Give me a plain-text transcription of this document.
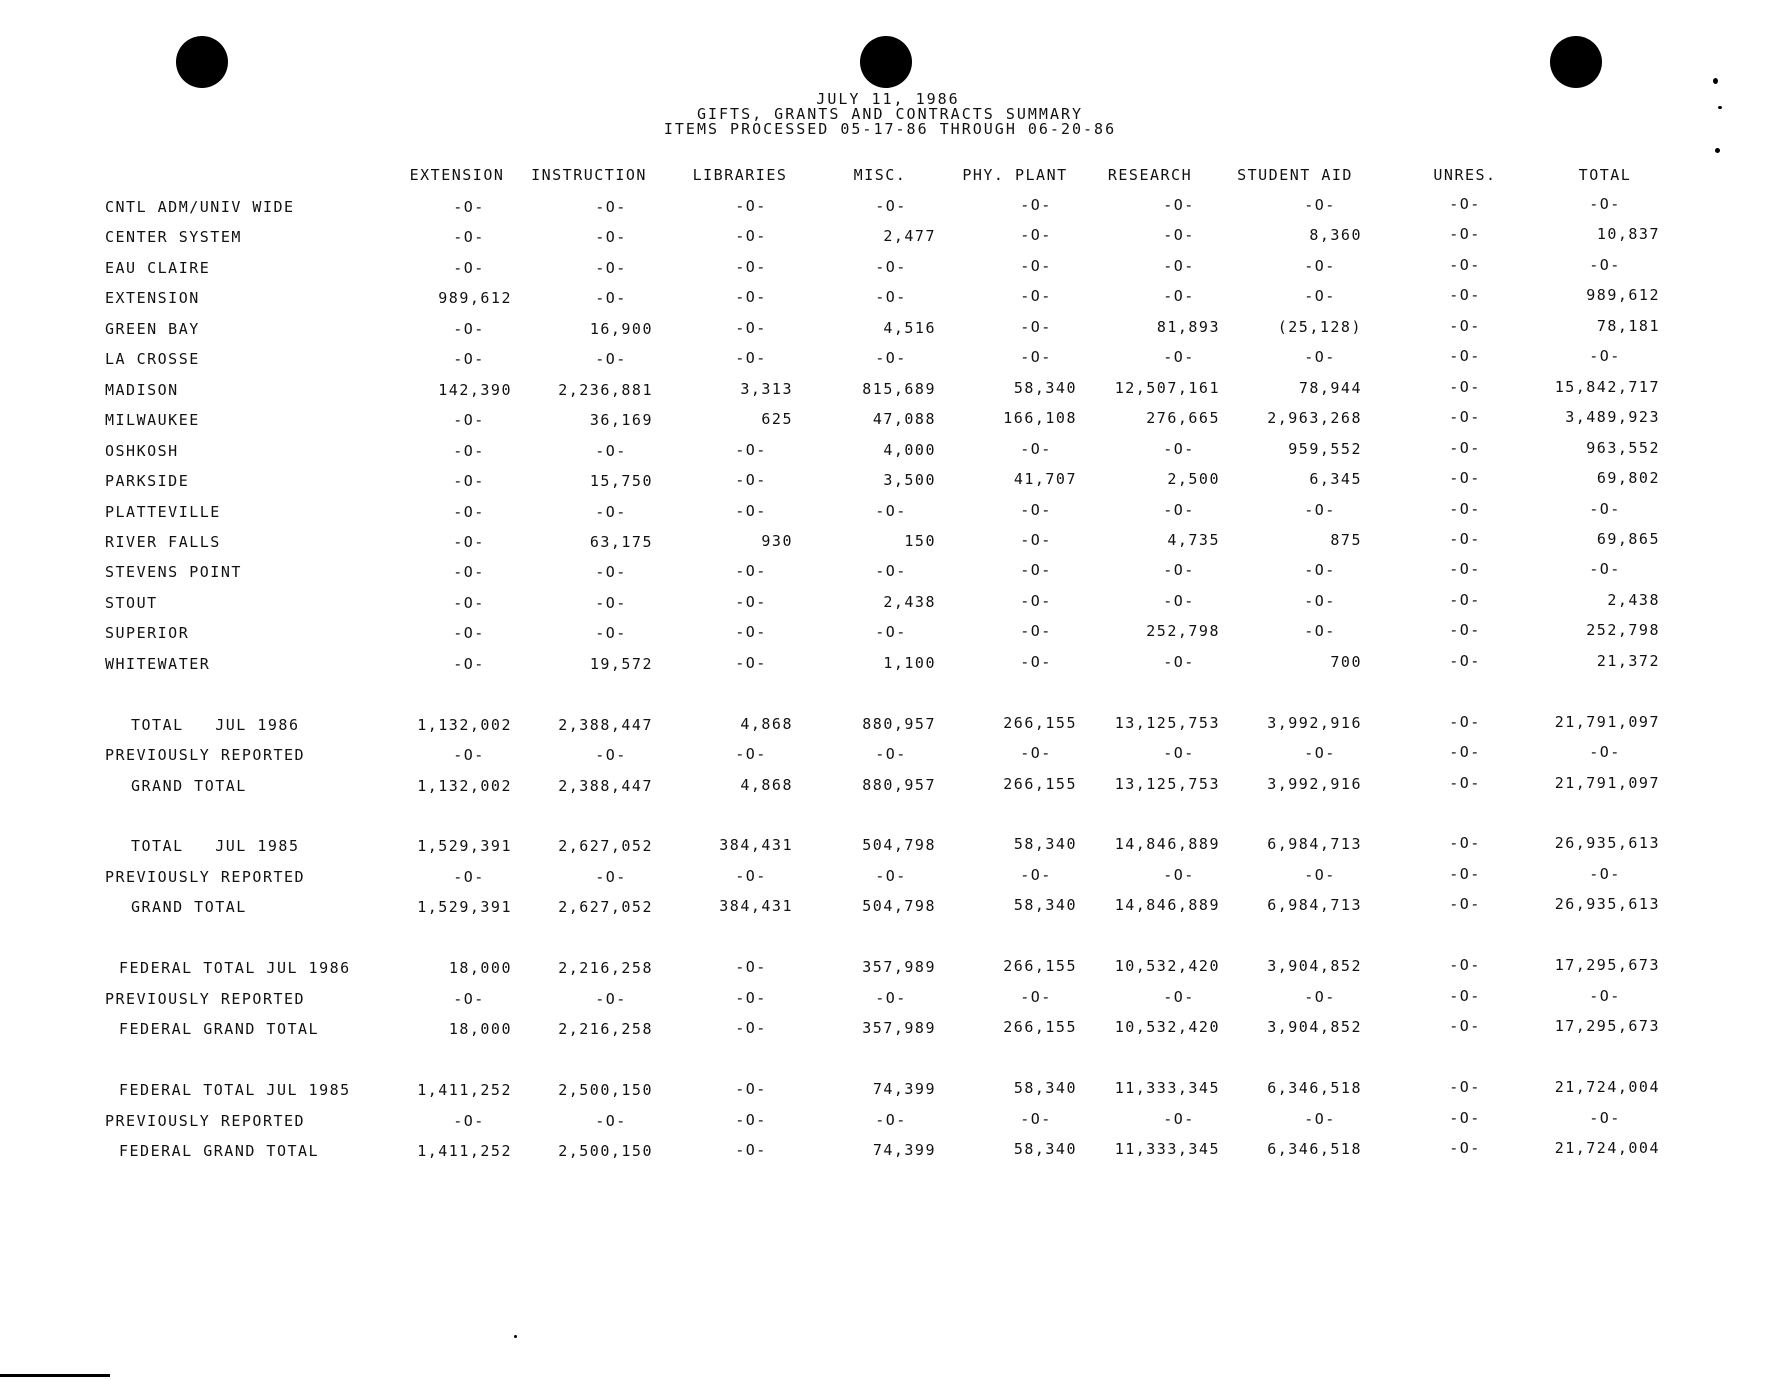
JULY 11, 1986
GIFTS, GRANTS AND CONTRACTS SUMMARY
ITEMS PROCESSED 05-17-86 THROUGH 06-20-86
EXTENSION	INSTRUCTION	LIBRARIES	MISC.	PHY. PLANT	RESEARCH	STUDENT AID	UNRES.	TOTAL
CNTL ADM/UNIV WIDE	-O-	-O-	-O-	-O-	-O-	-O-	-O-	-O-	-O-
CENTER SYSTEM	-O-	-O-	-O-	2,477	-O-	-O-	8,360	-O-	10,837
EAU CLAIRE	-O-	-O-	-O-	-O-	-O-	-O-	-O-	-O-	-O-
EXTENSION	989,612	-O-	-O-	-O-	-O-	-O-	-O-	-O-	989,612
GREEN BAY	-O-	16,900	-O-	4,516	-O-	81,893	(25,128)	-O-	78,181
LA CROSSE	-O-	-O-	-O-	-O-	-O-	-O-	-O-	-O-	-O-
MADISON	142,390	2,236,881	3,313	815,689	58,340	12,507,161	78,944	-O-	15,842,717
MILWAUKEE	-O-	36,169	625	47,088	166,108	276,665	2,963,268	-O-	3,489,923
OSHKOSH	-O-	-O-	-O-	4,000	-O-	-O-	959,552	-O-	963,552
PARKSIDE	-O-	15,750	-O-	3,500	41,707	2,500	6,345	-O-	69,802
PLATTEVILLE	-O-	-O-	-O-	-O-	-O-	-O-	-O-	-O-	-O-
RIVER FALLS	-O-	63,175	930	150	-O-	4,735	875	-O-	69,865
STEVENS POINT	-O-	-O-	-O-	-O-	-O-	-O-	-O-	-O-	-O-
STOUT	-O-	-O-	-O-	2,438	-O-	-O-	-O-	-O-	2,438
SUPERIOR	-O-	-O-	-O-	-O-	-O-	252,798	-O-	-O-	252,798
WHITEWATER	-O-	19,572	-O-	1,100	-O-	-O-	700	-O-	21,372
TOTAL   JUL 1986	1,132,002	2,388,447	4,868	880,957	266,155	13,125,753	3,992,916	-O-	21,791,097
PREVIOUSLY REPORTED	-O-	-O-	-O-	-O-	-O-	-O-	-O-	-O-	-O-
GRAND TOTAL	1,132,002	2,388,447	4,868	880,957	266,155	13,125,753	3,992,916	-O-	21,791,097
TOTAL   JUL 1985	1,529,391	2,627,052	384,431	504,798	58,340	14,846,889	6,984,713	-O-	26,935,613
PREVIOUSLY REPORTED	-O-	-O-	-O-	-O-	-O-	-O-	-O-	-O-	-O-
GRAND TOTAL	1,529,391	2,627,052	384,431	504,798	58,340	14,846,889	6,984,713	-O-	26,935,613
FEDERAL TOTAL JUL 1986	18,000	2,216,258	-O-	357,989	266,155	10,532,420	3,904,852	-O-	17,295,673
PREVIOUSLY REPORTED	-O-	-O-	-O-	-O-	-O-	-O-	-O-	-O-	-O-
FEDERAL GRAND TOTAL	18,000	2,216,258	-O-	357,989	266,155	10,532,420	3,904,852	-O-	17,295,673
FEDERAL TOTAL JUL 1985	1,411,252	2,500,150	-O-	74,399	58,340	11,333,345	6,346,518	-O-	21,724,004
PREVIOUSLY REPORTED	-O-	-O-	-O-	-O-	-O-	-O-	-O-	-O-	-O-
FEDERAL GRAND TOTAL	1,411,252	2,500,150	-O-	74,399	58,340	11,333,345	6,346,518	-O-	21,724,004
